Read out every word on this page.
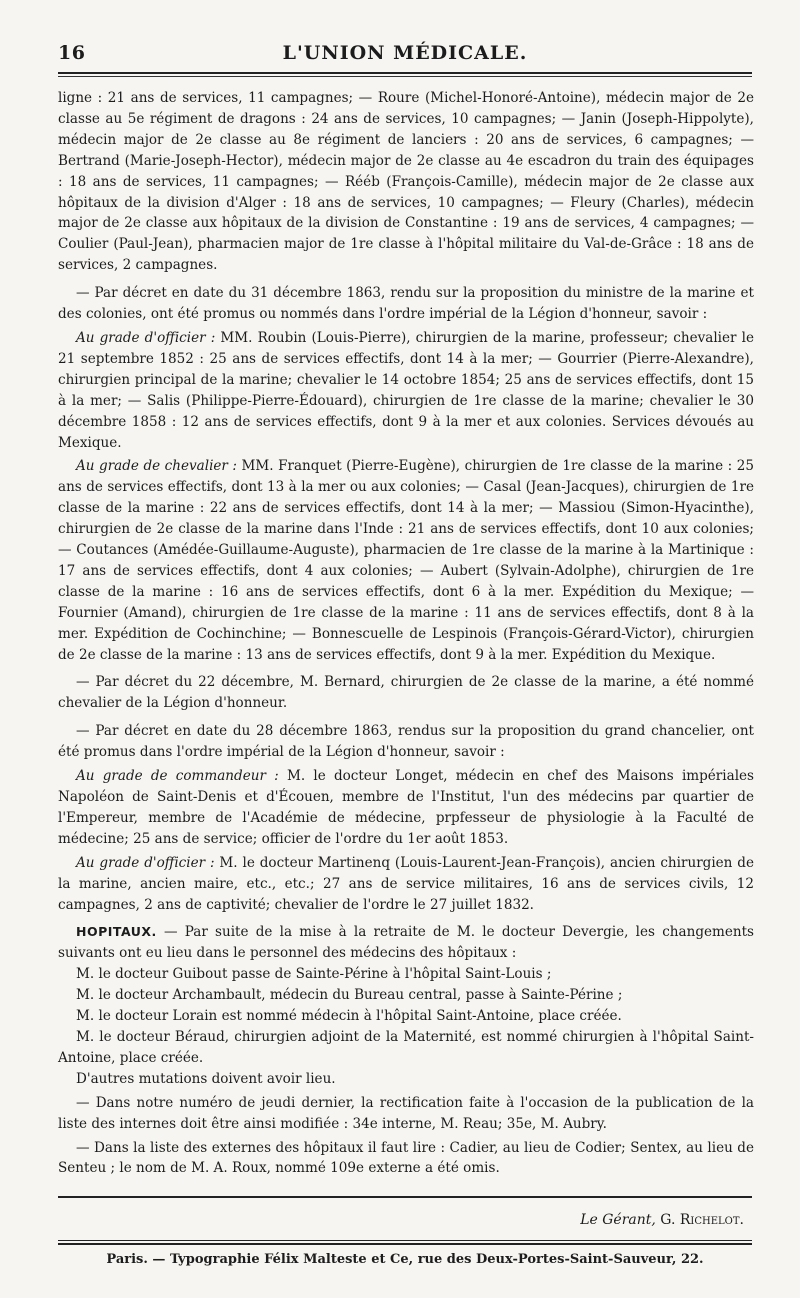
16	L'UNION MÉDICALE.

ligne : 21 ans de services, 11 campagnes; — Roure (Michel-Honoré-Antoine), médecin major de 2e classe au 5e régiment de dragons : 24 ans de services, 10 campagnes; — Janin (Joseph-Hippolyte), médecin major de 2e classe au 8e régiment de lanciers : 20 ans de services, 6 campagnes; — Bertrand (Marie-Joseph-Hector), médecin major de 2e classe au 4e escadron du train des équipages : 18 ans de services, 11 campagnes; — Rééb (François-Camille), médecin major de 2e classe aux hôpitaux de la division d'Alger : 18 ans de services, 10 campagnes; — Fleury (Charles), médecin major de 2e classe aux hôpitaux de la division de Constantine : 19 ans de services, 4 campagnes; — Coulier (Paul-Jean), pharmacien major de 1re classe à l'hôpital militaire du Val-de-Grâce : 18 ans de services, 2 campagnes.

— Par décret en date du 31 décembre 1863, rendu sur la proposition du ministre de la marine et des colonies, ont été promus ou nommés dans l'ordre impérial de la Légion d'honneur, savoir :

Au grade d'officier : MM. Roubin (Louis-Pierre), chirurgien de la marine, professeur; chevalier le 21 septembre 1852 : 25 ans de services effectifs, dont 14 à la mer; — Gourrier (Pierre-Alexandre), chirurgien principal de la marine; chevalier le 14 octobre 1854; 25 ans de services effectifs, dont 15 à la mer; — Salis (Philippe-Pierre-Édouard), chirurgien de 1re classe de la marine; chevalier le 30 décembre 1858 : 12 ans de services effectifs, dont 9 à la mer et aux colonies. Services dévoués au Mexique.

Au grade de chevalier : MM. Franquet (Pierre-Eugène), chirurgien de 1re classe de la marine : 25 ans de services effectifs, dont 13 à la mer ou aux colonies; — Casal (Jean-Jacques), chirurgien de 1re classe de la marine : 22 ans de services effectifs, dont 14 à la mer; — Massiou (Simon-Hyacinthe), chirurgien de 2e classe de la marine dans l'Inde : 21 ans de services effectifs, dont 10 aux colonies; — Coutances (Amédée-Guillaume-Auguste), pharmacien de 1re classe de la marine à la Martinique : 17 ans de services effectifs, dont 4 aux colonies; — Aubert (Sylvain-Adolphe), chirurgien de 1re classe de la marine : 16 ans de services effectifs, dont 6 à la mer. Expédition du Mexique; — Fournier (Amand), chirurgien de 1re classe de la marine : 11 ans de services effectifs, dont 8 à la mer. Expédition de Cochinchine; — Bonnescuelle de Lespinois (François-Gérard-Victor), chirurgien de 2e classe de la marine : 13 ans de services effectifs, dont 9 à la mer. Expédition du Mexique.

— Par décret du 22 décembre, M. Bernard, chirurgien de 2e classe de la marine, a été nommé chevalier de la Légion d'honneur.

— Par décret en date du 28 décembre 1863, rendus sur la proposition du grand chancelier, ont été promus dans l'ordre impérial de la Légion d'honneur, savoir :

Au grade de commandeur : M. le docteur Longet, médecin en chef des Maisons impériales Napoléon de Saint-Denis et d'Écouen, membre de l'Institut, l'un des médecins par quartier de l'Empereur, membre de l'Académie de médecine, prpfesseur de physiologie à la Faculté de médecine; 25 ans de service; officier de l'ordre du 1er août 1853.

Au grade d'officier : M. le docteur Martinenq (Louis-Laurent-Jean-François), ancien chirurgien de la marine, ancien maire, etc., etc.; 27 ans de service militaires, 16 ans de services civils, 12 campagnes, 2 ans de captivité; chevalier de l'ordre le 27 juillet 1832.

HOPITAUX. — Par suite de la mise à la retraite de M. le docteur Devergie, les changements suivants ont eu lieu dans le personnel des médecins des hôpitaux :

M. le docteur Guibout passe de Sainte-Périne à l'hôpital Saint-Louis ;

M. le docteur Archambault, médecin du Bureau central, passe à Sainte-Périne ;

M. le docteur Lorain est nommé médecin à l'hôpital Saint-Antoine, place créée.

M. le docteur Béraud, chirurgien adjoint de la Maternité, est nommé chirurgien à l'hôpital Saint-Antoine, place créée.

D'autres mutations doivent avoir lieu.

— Dans notre numéro de jeudi dernier, la rectification faite à l'occasion de la publication de la liste des internes doit être ainsi modifiée : 34e interne, M. Reau; 35e, M. Aubry.

— Dans la liste des externes des hôpitaux il faut lire : Cadier, au lieu de Codier; Sentex, au lieu de Senteu ; le nom de M. A. Roux, nommé 109e externe a été omis.

Le Gérant, G. Richelot.
Paris. — Typographie Félix Malteste et Ce, rue des Deux-Portes-Saint-Sauveur, 22.
